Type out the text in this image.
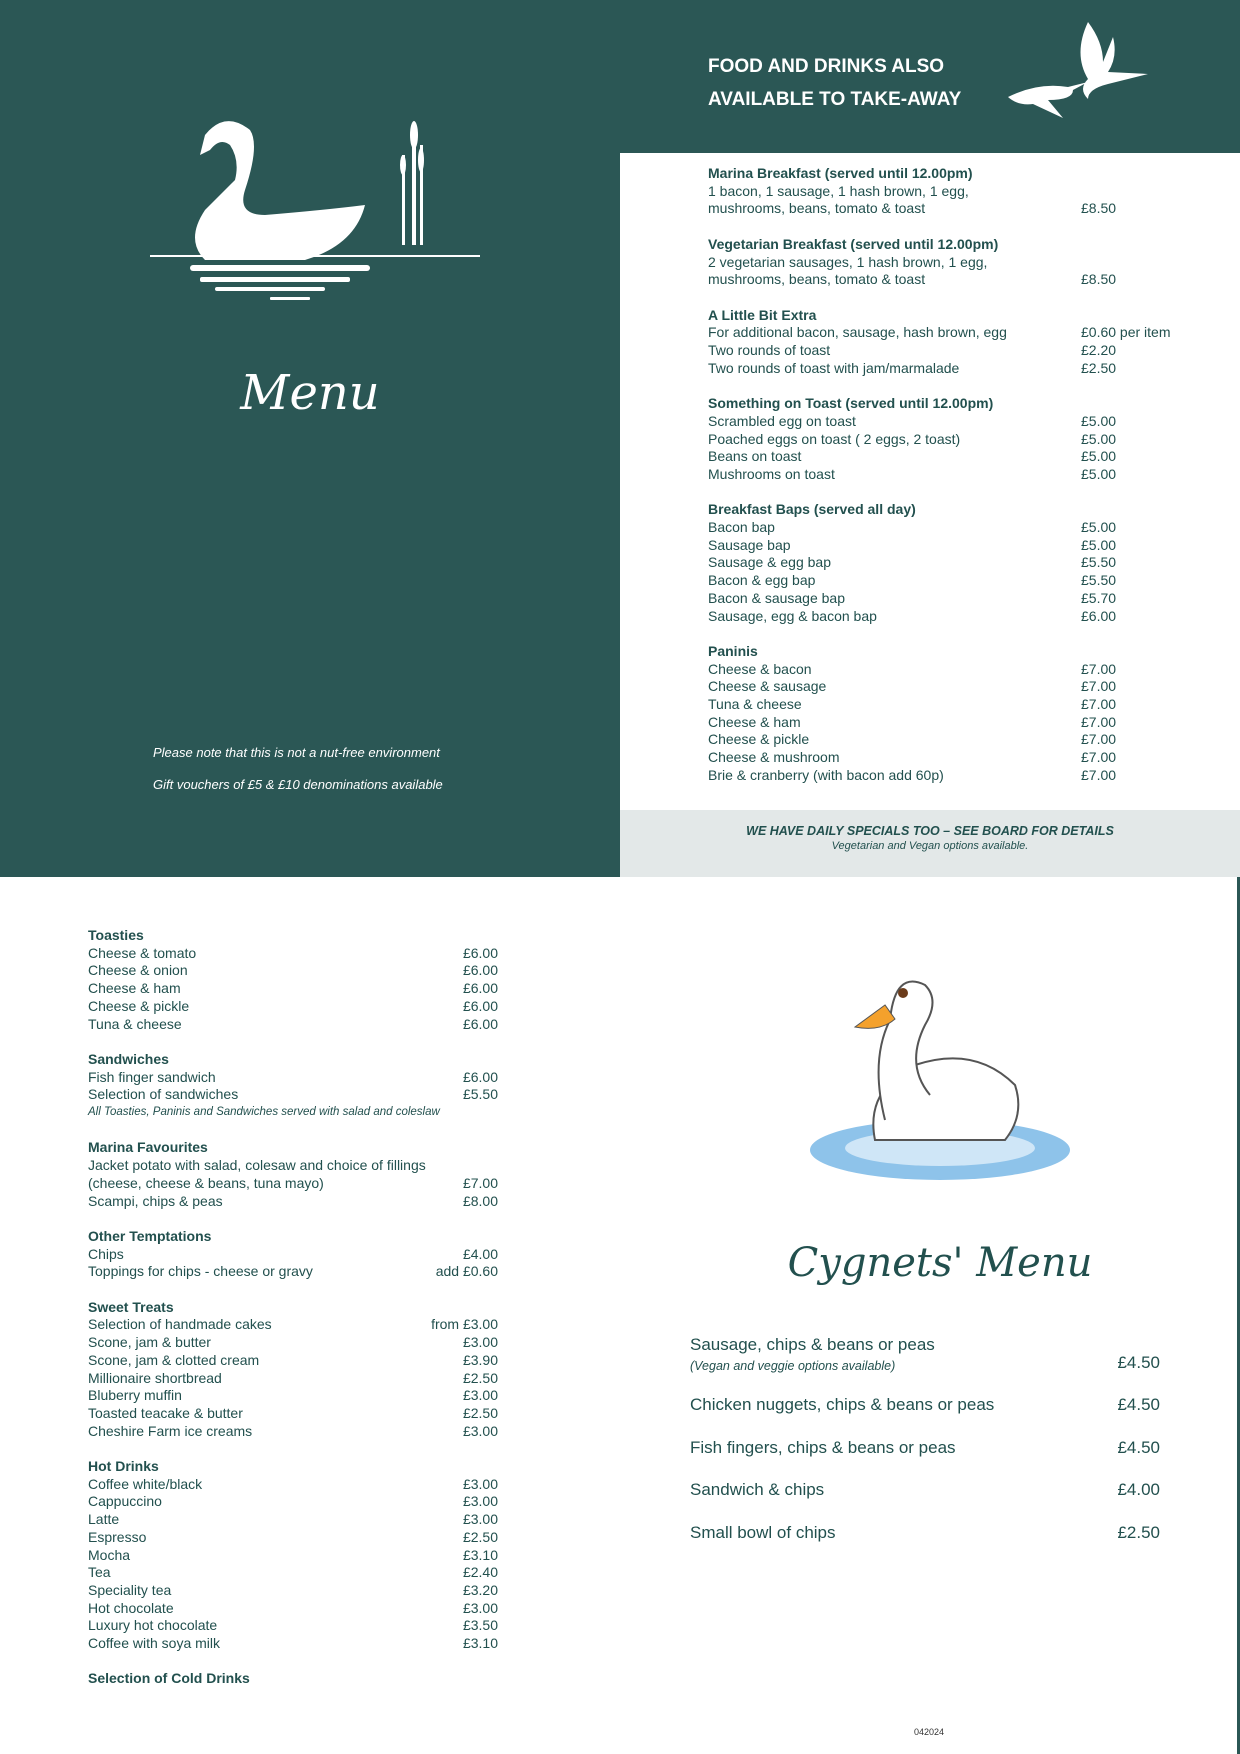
Menu
Please note that this is not a nut-free environment
Gift vouchers of £5 & £10 denominations available
FOOD AND DRINKS ALSO
AVAILABLE TO TAKE-AWAY
Marina Breakfast (served until 12.00pm)
1 bacon, 1 sausage, 1 hash brown, 1 egg,
mushrooms, beans, tomato & toast	£8.50
Vegetarian Breakfast (served until 12.00pm)
2 vegetarian sausages, 1 hash brown, 1 egg,
mushrooms, beans, tomato & toast	£8.50
A Little Bit Extra
For additional bacon, sausage, hash brown, egg	£0.60 per item
Two rounds of toast	£2.20
Two rounds of toast with jam/marmalade	£2.50
Something on Toast (served until 12.00pm)
Scrambled egg on toast	£5.00
Poached eggs on toast ( 2 eggs, 2 toast)	£5.00
Beans on toast	£5.00
Mushrooms on toast	£5.00
Breakfast Baps (served all day)
Bacon bap	£5.00
Sausage bap	£5.00
Sausage & egg bap	£5.50
Bacon & egg bap	£5.50
Bacon & sausage bap	£5.70
Sausage, egg & bacon bap	£6.00
Paninis
Cheese & bacon	£7.00
Cheese & sausage	£7.00
Tuna & cheese	£7.00
Cheese & ham	£7.00
Cheese & pickle	£7.00
Cheese & mushroom	£7.00
Brie & cranberry (with bacon add 60p)	£7.00
WE HAVE DAILY SPECIALS TOO – SEE BOARD FOR DETAILS
Vegetarian and Vegan options available.
Toasties
Cheese & tomato	£6.00
Cheese & onion	£6.00
Cheese & ham	£6.00
Cheese & pickle	£6.00
Tuna & cheese	£6.00
Sandwiches
Fish finger sandwich	£6.00
Selection of sandwiches	£5.50
All Toasties, Paninis and Sandwiches served with salad and coleslaw
Marina Favourites
Jacket potato with salad, colesaw and choice of fillings
(cheese, cheese & beans, tuna mayo)	£7.00
Scampi, chips & peas	£8.00
Other Temptations
Chips	£4.00
Toppings for chips - cheese or gravy	add £0.60
Sweet Treats
Selection of handmade cakes	from £3.00
Scone, jam & butter	£3.00
Scone, jam & clotted cream	£3.90
Millionaire shortbread	£2.50
Bluberry muffin	£3.00
Toasted teacake & butter	£2.50
Cheshire Farm ice creams	£3.00
Hot Drinks
Coffee white/black	£3.00
Cappuccino	£3.00
Latte	£3.00
Espresso	£2.50
Mocha	£3.10
Tea	£2.40
Speciality tea	£3.20
Hot chocolate	£3.00
Luxury hot chocolate	£3.50
Coffee with soya milk	£3.10
Selection of Cold Drinks
Cygnets' Menu
Sausage, chips & beans or peas
(Vegan and veggie options available)	£4.50
Chicken nuggets, chips & beans or peas	£4.50
Fish fingers, chips & beans or peas	£4.50
Sandwich & chips	£4.00
Small bowl of chips	£2.50
042024
